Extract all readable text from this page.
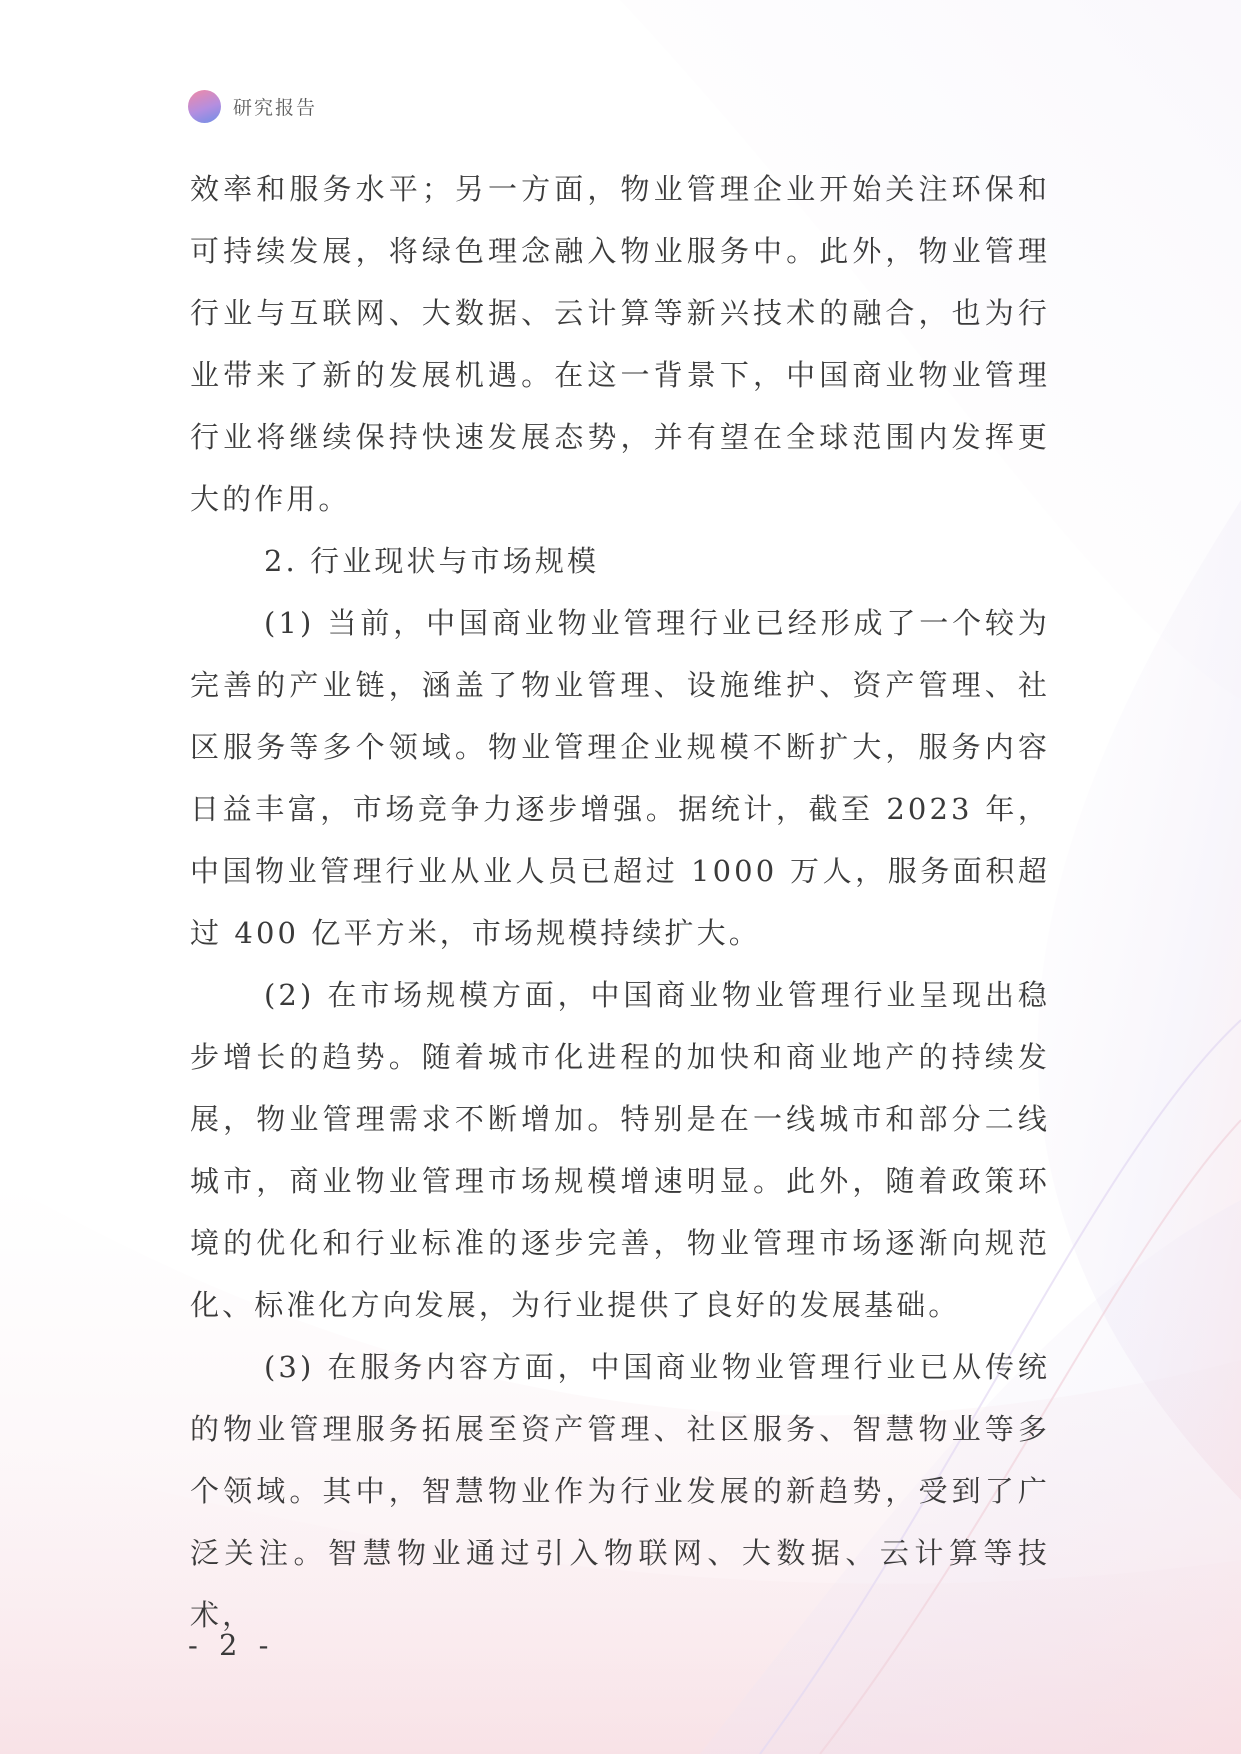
研究报告

效率和服务水平；另一方面，物业管理企业开始关注环保和可持续发展，将绿色理念融入物业服务中。此外，物业管理行业与互联网、大数据、云计算等新兴技术的融合，也为行业带来了新的发展机遇。在这一背景下，中国商业物业管理行业将继续保持快速发展态势，并有望在全球范围内发挥更大的作用。

2. 行业现状与市场规模

(1) 当前，中国商业物业管理行业已经形成了一个较为完善的产业链，涵盖了物业管理、设施维护、资产管理、社区服务等多个领域。物业管理企业规模不断扩大，服务内容日益丰富，市场竞争力逐步增强。据统计，截至 2023 年，中国物业管理行业从业人员已超过 1000 万人，服务面积超过 400 亿平方米，市场规模持续扩大。

(2) 在市场规模方面，中国商业物业管理行业呈现出稳步增长的趋势。随着城市化进程的加快和商业地产的持续发展，物业管理需求不断增加。特别是在一线城市和部分二线城市，商业物业管理市场规模增速明显。此外，随着政策环境的优化和行业标准的逐步完善，物业管理市场逐渐向规范化、标准化方向发展，为行业提供了良好的发展基础。

(3) 在服务内容方面，中国商业物业管理行业已从传统的物业管理服务拓展至资产管理、社区服务、智慧物业等多个领域。其中，智慧物业作为行业发展的新趋势，受到了广泛关注。智慧物业通过引入物联网、大数据、云计算等技术，

- 2 -
